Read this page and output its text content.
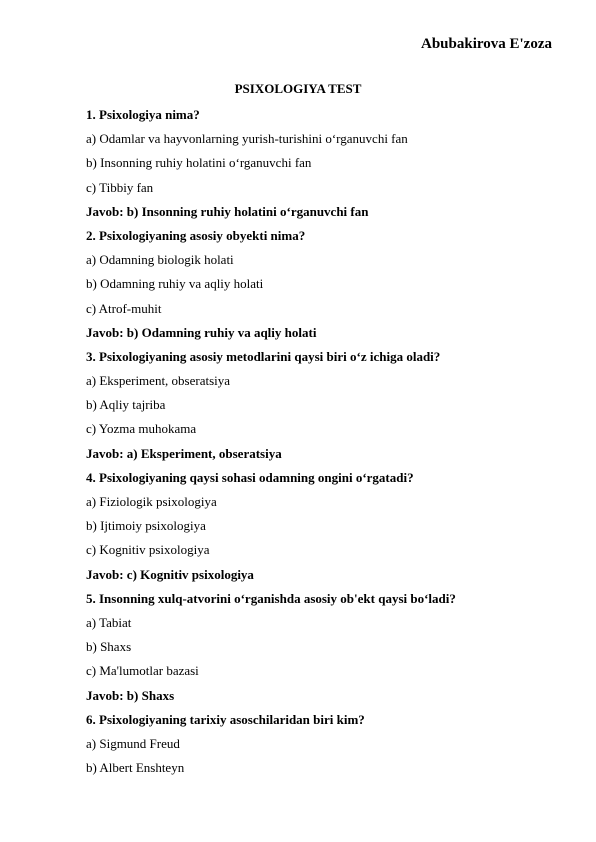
Abubakirova E'zoza
PSIXOLOGIYA TEST
1. Psixologiya nima?
a) Odamlar va hayvonlarning yurish-turishini o‘rganuvchi fan
b) Insonning ruhiy holatini o‘rganuvchi fan
c) Tibbiy fan
Javob: b) Insonning ruhiy holatini o‘rganuvchi fan
2. Psixologiyaning asosiy obyekti nima?
a) Odamning biologik holati
b) Odamning ruhiy va aqliy holati
c) Atrof-muhit
Javob: b) Odamning ruhiy va aqliy holati
3. Psixologiyaning asosiy metodlarini qaysi biri o‘z ichiga oladi?
a) Eksperiment, obseratsiya
b) Aqliy tajriba
c) Yozma muhokama
Javob: a) Eksperiment, obseratsiya
4. Psixologiyaning qaysi sohasi odamning ongini o‘rgatadi?
a) Fiziologik psixologiya
b) Ijtimoiy psixologiya
c) Kognitiv psixologiya
Javob: c) Kognitiv psixologiya
5. Insonning xulq-atvorini o‘rganishda asosiy ob'ekt qaysi bo‘ladi?
a) Tabiat
b) Shaxs
c) Ma'lumotlar bazasi
Javob: b) Shaxs
6. Psixologiyaning tarixiy asoschilaridan biri kim?
a) Sigmund Freud
b) Albert Enshteyn
